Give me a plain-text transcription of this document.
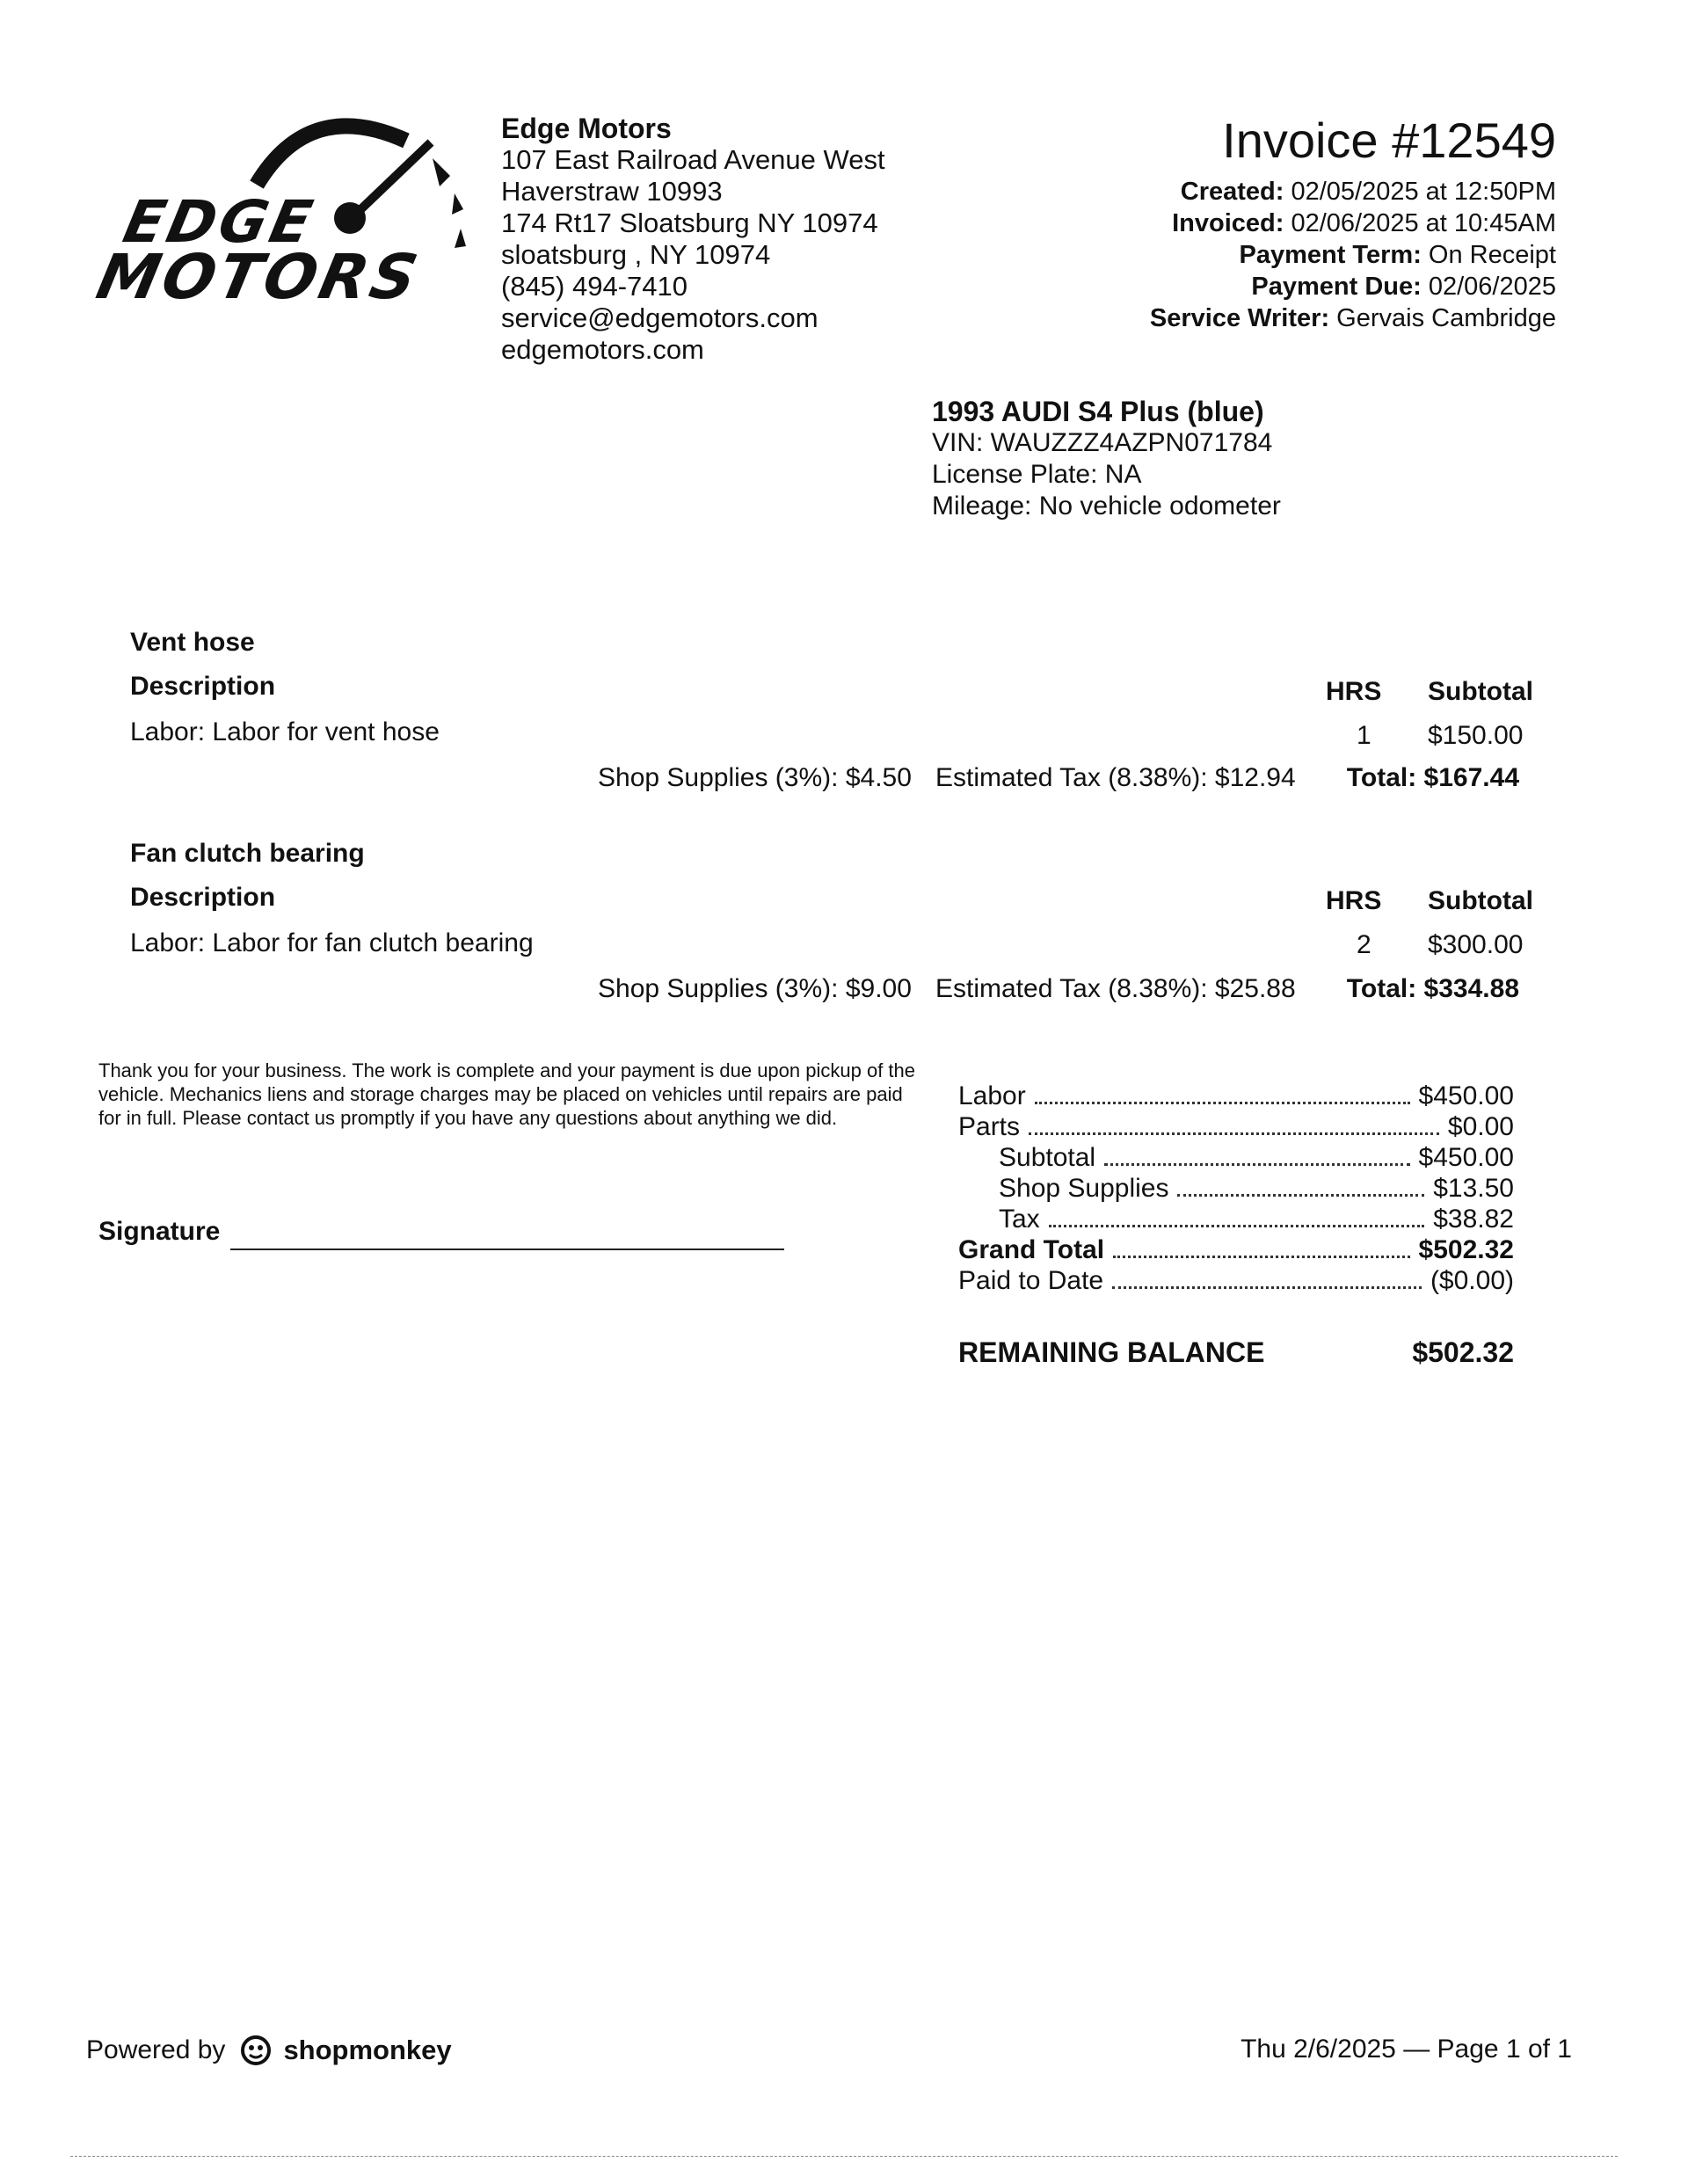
EDGE
MOTORS
Edge Motors
107 East Railroad Avenue West
Haverstraw 10993
174 Rt17 Sloatsburg NY 10974
sloatsburg , NY 10974
(845) 494-7410
service@edgemotors.com
edgemotors.com
Invoice #12549
Created: 02/05/2025 at 12:50PM
Invoiced: 02/06/2025 at 10:45AM
Payment Term: On Receipt
Payment Due: 02/06/2025
Service Writer: Gervais Cambridge
1993 AUDI S4 Plus (blue)
VIN: WAUZZZ4AZPN071784
License Plate: NA
Mileage: No vehicle odometer
Vent hose
Description	HRS Subtotal
Labor: Labor for vent hose	1 $150.00
Shop Supplies (3%): $4.50 Estimated Tax (8.38%): $12.94 Total: $167.44
Fan clutch bearing
Description	HRS Subtotal
Labor: Labor for fan clutch bearing	2 $300.00
Shop Supplies (3%): $9.00 Estimated Tax (8.38%): $25.88 Total: $334.88
Thank you for your business. The work is complete and your payment is due upon pickup of the vehicle. Mechanics liens and storage charges may be placed on vehicles until repairs are paid for in full. Please contact us promptly if you have any questions about anything we did.
Signature
Labor	$450.00
Parts	$0.00
Subtotal	$450.00
Shop Supplies	$13.50
Tax	$38.82
Grand Total	$502.32
Paid to Date	($0.00)
REMAINING BALANCE	$502.32
Powered by shopmonkey	Thu 2/6/2025 — Page 1 of 1
